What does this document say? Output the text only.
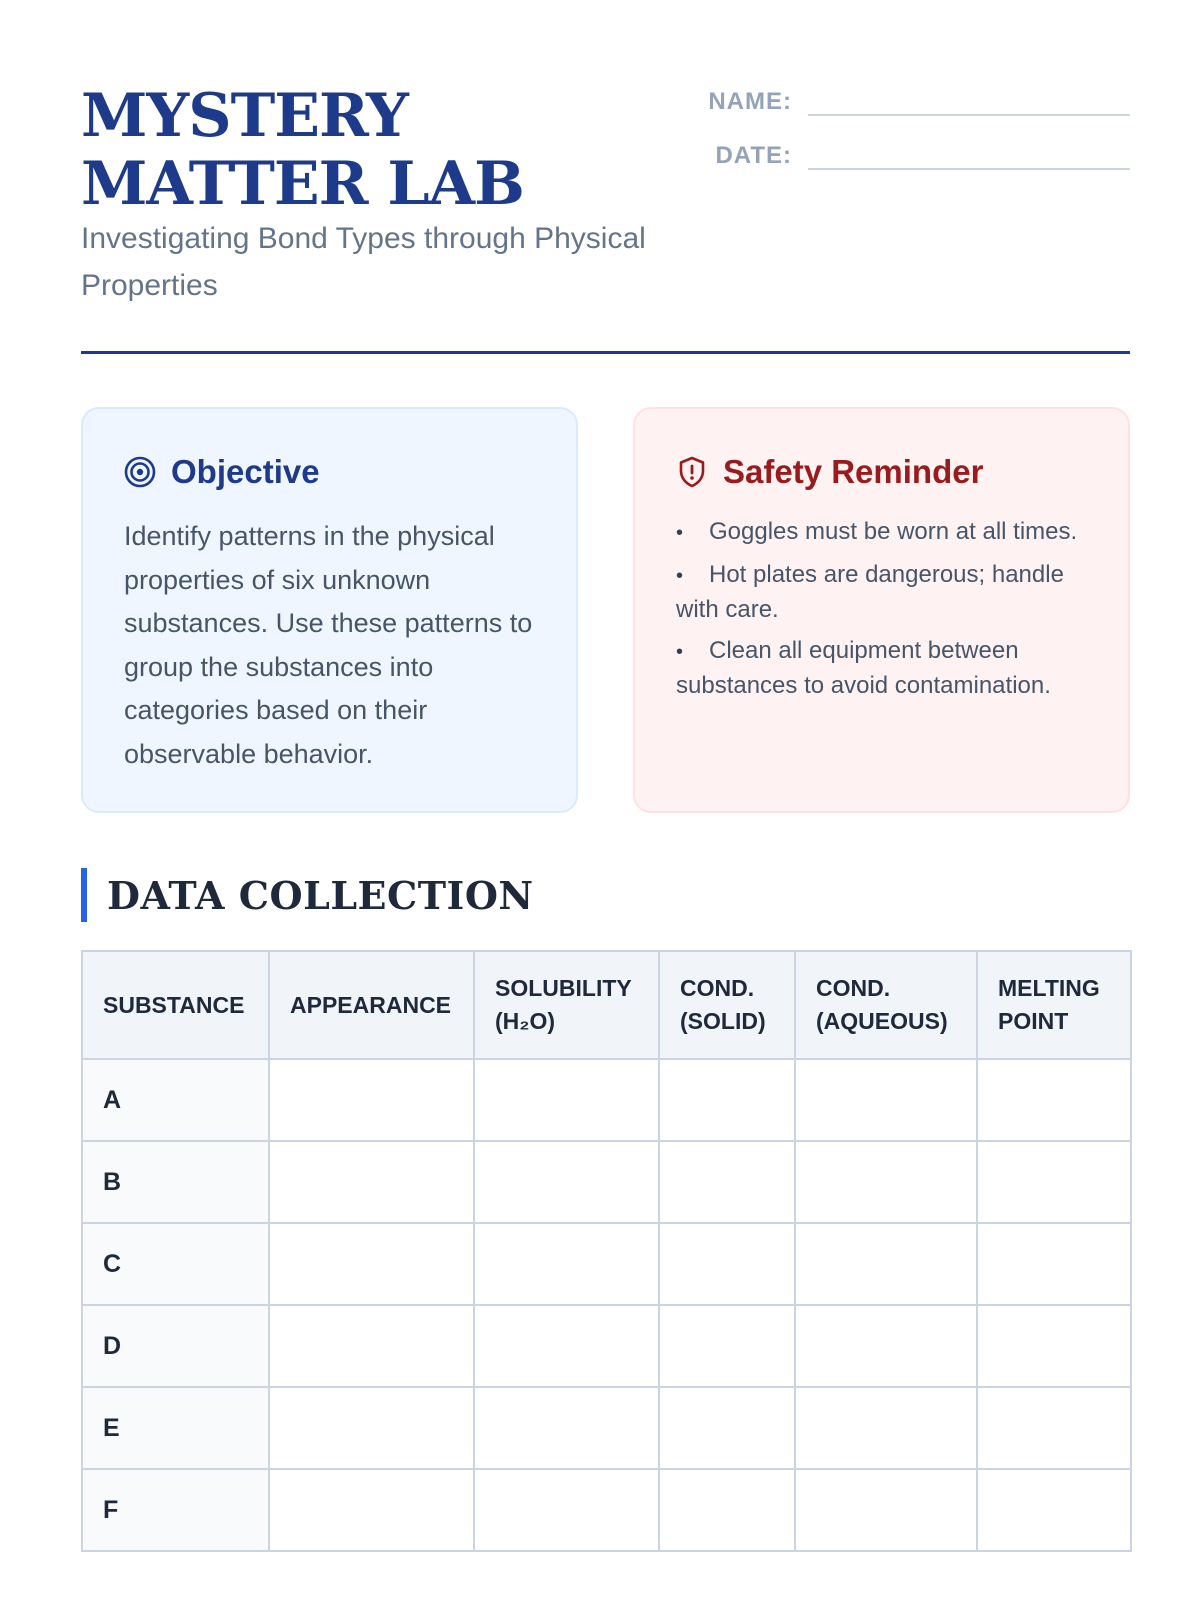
MYSTERY MATTER LAB
Investigating Bond Types through Physical Properties
NAME:
DATE:
Objective
Identify patterns in the physical properties of six unknown substances. Use these patterns to group the substances into categories based on their observable behavior.
Safety Reminder
• Goggles must be worn at all times.
• Hot plates are dangerous; handle with care.
• Clean all equipment between substances to avoid contamination.
DATA COLLECTION
SUBSTANCE	APPEARANCE	SOLUBILITY (H₂O)	COND. (SOLID)	COND. (AQUEOUS)	MELTING POINT
A					
B					
C					
D					
E					
F					
